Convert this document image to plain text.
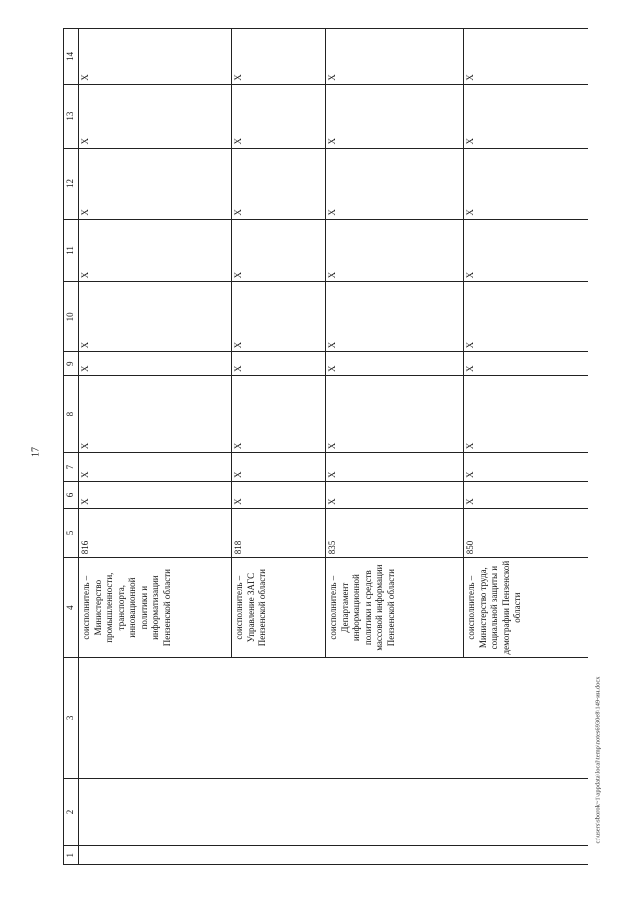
17
1	2	3	4	5	6	7	8	9	10	11	12	13	14
			соисполнитель – Министерство промышленности, транспорта, инновационной политики и информатизации Пензенской области	816	Х	Х	Х	Х	Х	Х	Х	Х	Х
			соисполнитель – Управление ЗАГС Пензенской области	818	Х	Х	Х	Х	Х	Х	Х	Х	Х
			соисполнитель – Департамент информационной политики и средств массовой информации Пензенской области	835	Х	Х	Х	Х	Х	Х	Х	Х	Х
			соисполнитель – Министерство труда, социальной защиты и демографии Пензенской области	850	Х	Х	Х	Х	Х	Х	Х	Х	Х
c:\users\sborok~1\appdata\local\temp\notes6930e8\149-ин.docx
